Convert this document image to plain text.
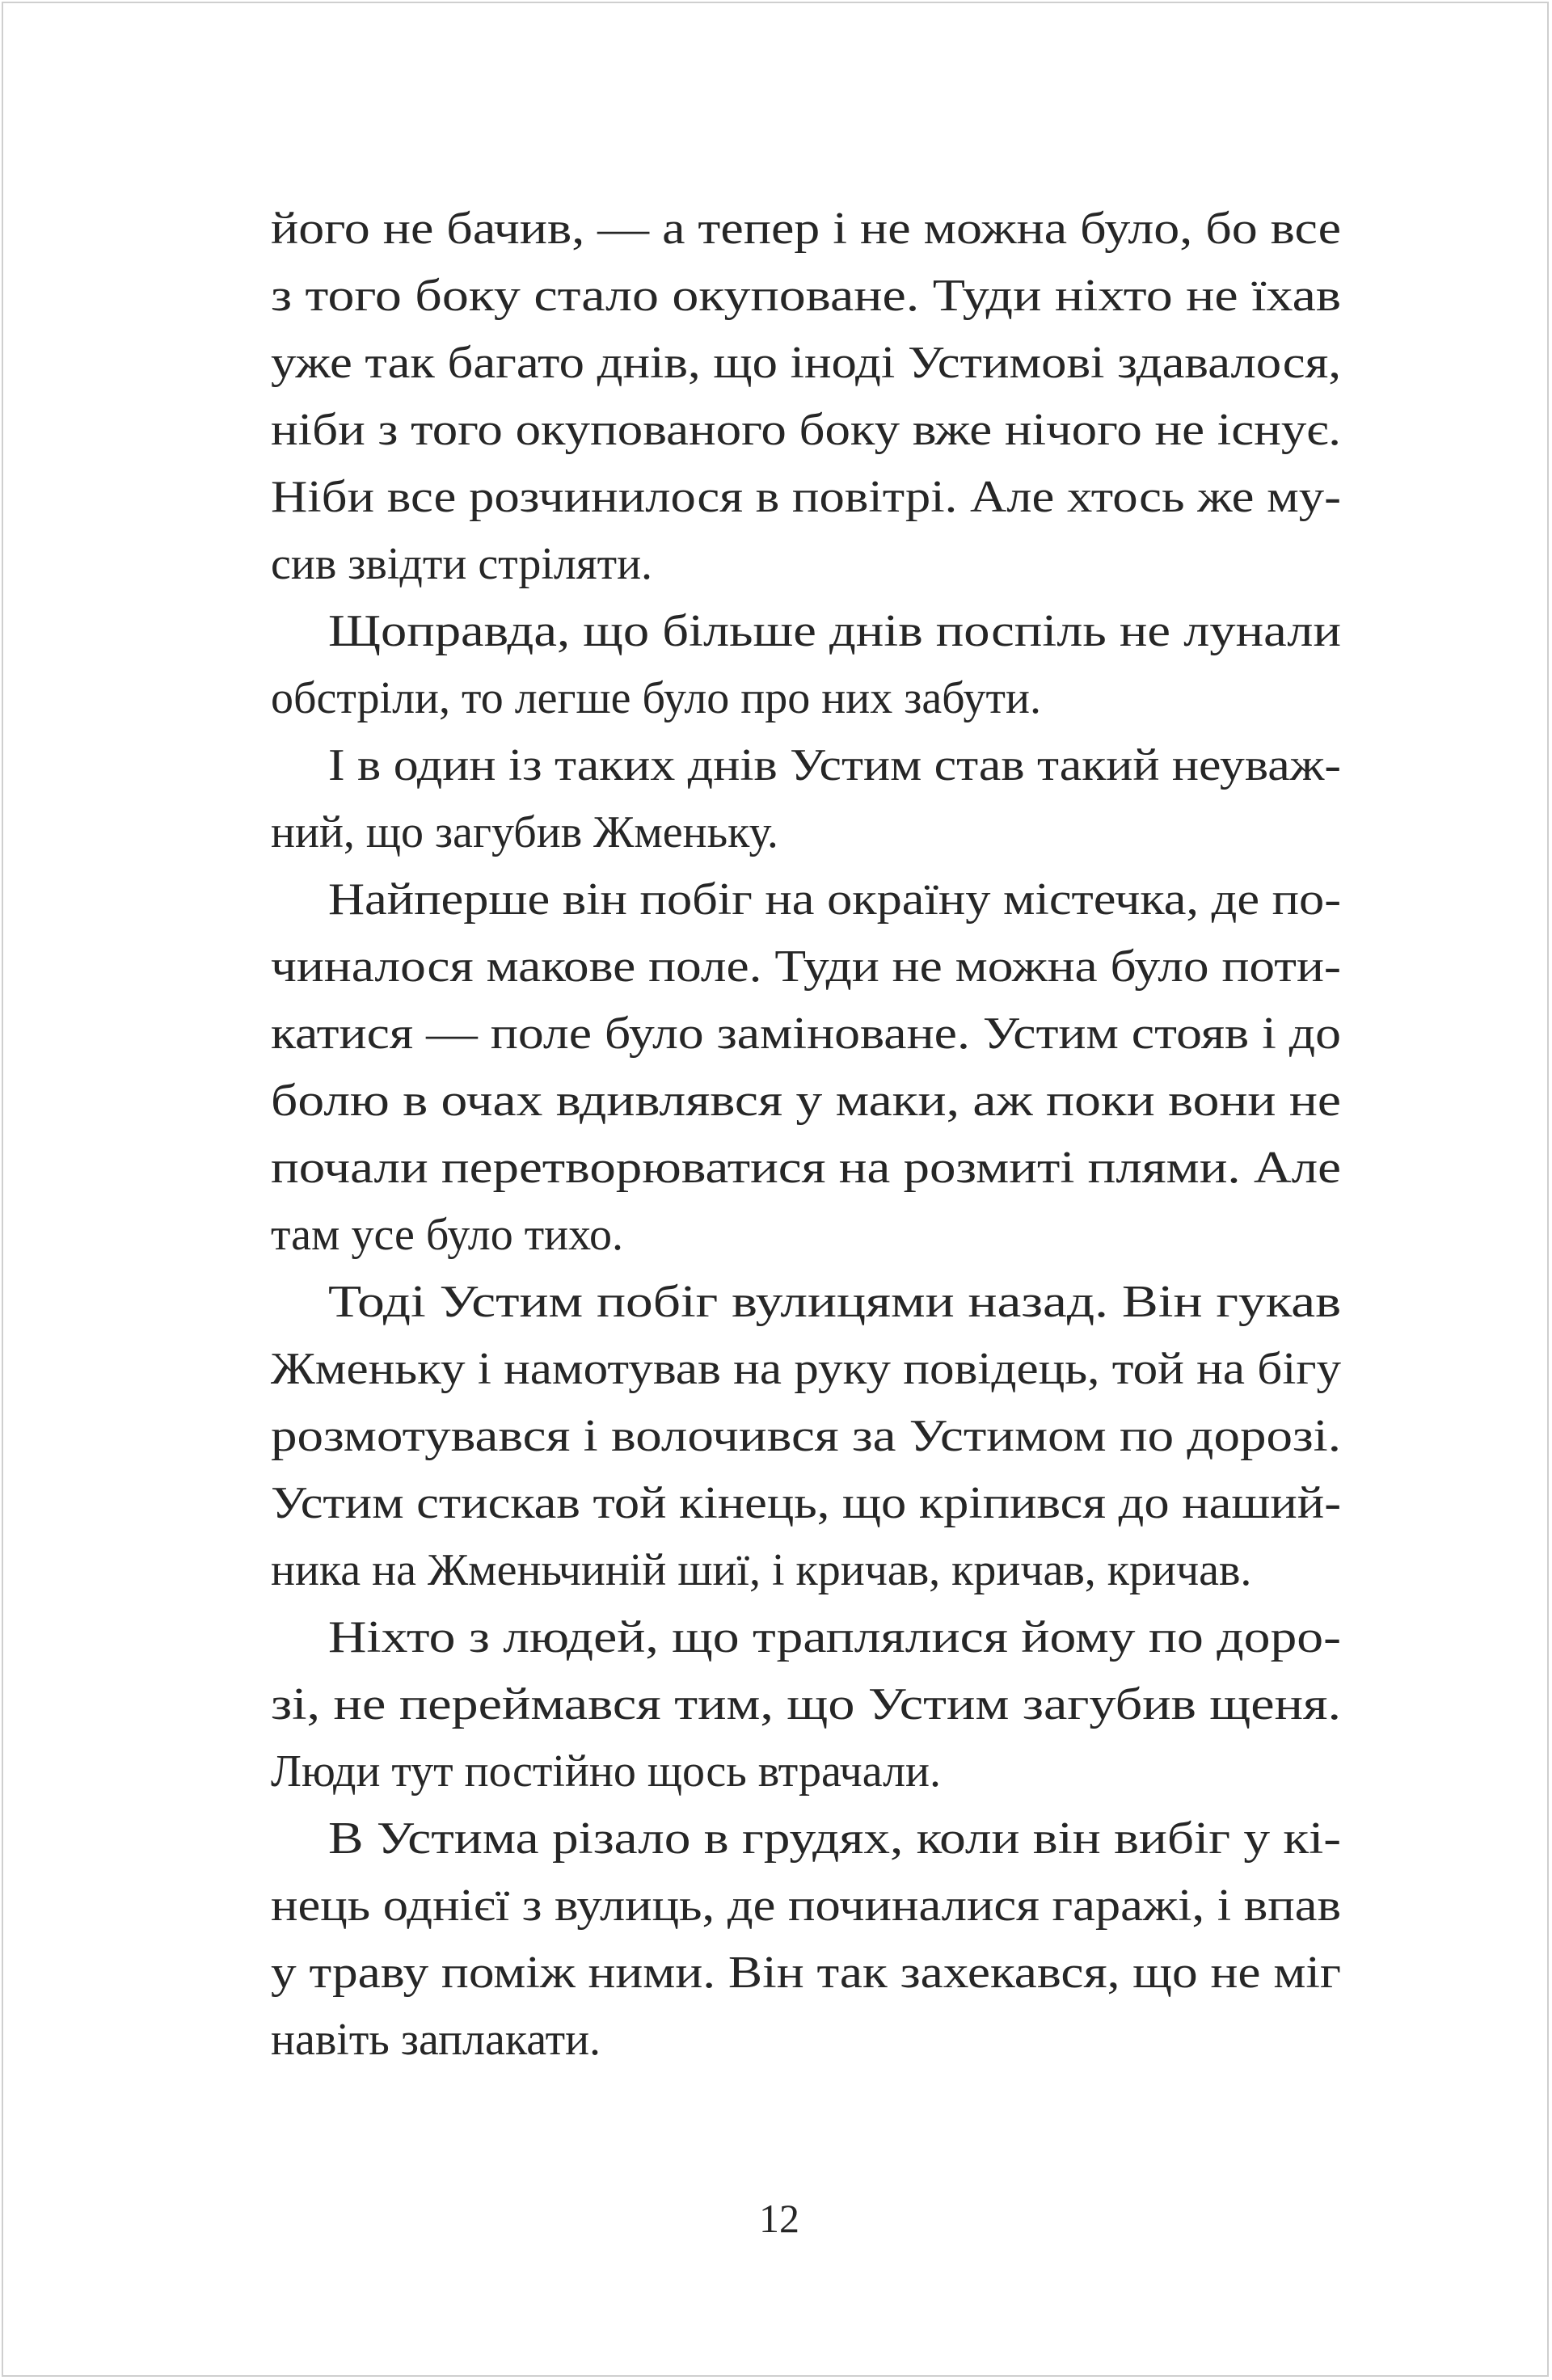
його не бачив, — а тепер і не можна було, бо все
з того боку стало окуповане. Туди ніхто не їхав
уже так багато днів, що іноді Устимові здавалося,
ніби з того окупованого боку вже нічого не існує.
Ніби все розчинилося в повітрі. Але хтось же му-
сив звідти стріляти.
Щоправда, що більше днів поспіль не лунали
обстріли, то легше було про них забути.
І в один із таких днів Устим став такий неуваж-
ний, що загубив Жменьку.
Найперше він побіг на окраїну містечка, де по-
чиналося макове поле. Туди не можна було поти-
катися — поле було заміноване. Устим стояв і до
болю в очах вдивлявся у маки, аж поки вони не
почали перетворюватися на розмиті плями. Але
там усе було тихо.
Тоді Устим побіг вулицями назад. Він гукав
Жменьку і намотував на руку повідець, той на бігу
розмотувався і волочився за Устимом по дорозі.
Устим стискав той кінець, що кріпився до наший-
ника на Жменьчиній шиї, і кричав, кричав, кричав.
Ніхто з людей, що траплялися йому по доро-
зі, не переймався тим, що Устим загубив щеня.
Люди тут постійно щось втрачали.
В Устима різало в грудях, коли він вибіг у кі-
нець однієї з вулиць, де починалися гаражі, і впав
у траву поміж ними. Він так захекався, що не міг
навіть заплакати.
12
